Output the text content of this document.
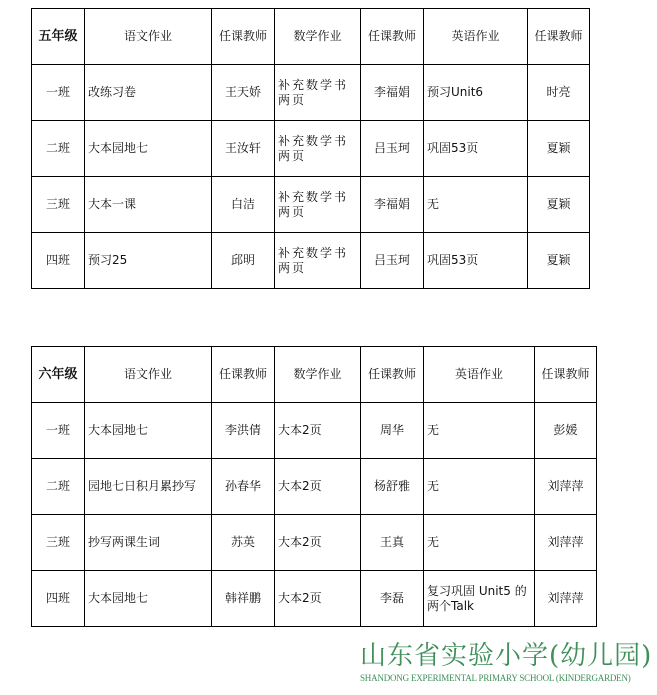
五年级	语文作业	任课教师	数学作业	任课教师	英语作业	任课教师
一班	改练习卷	王天娇	补充数学书两页	李福娟	预习Unit6	时亮
二班	大本园地七	王汝轩	补充数学书两页	吕玉珂	巩固53页	夏颖
三班	大本一课	白洁	补充数学书两页	李福娟	无	夏颖
四班	预习25	邱明	补充数学书两页	吕玉珂	巩固53页	夏颖
六年级	语文作业	任课教师	数学作业	任课教师	英语作业	任课教师
一班	大本园地七	李洪倩	大本2页	周华	无	彭媛
二班	园地七日积月累抄写	孙春华	大本2页	杨舒雅	无	刘萍萍
三班	抄写两课生词	苏英	大本2页	王真	无	刘萍萍
四班	大本园地七	韩祥鹏	大本2页	李磊	复习巩固 Unit5 的两个Talk	刘萍萍
山东省实验小学(幼儿园)
SHANDONG EXPERIMENTAL PRIMARY SCHOOL (KINDERGARDEN)
